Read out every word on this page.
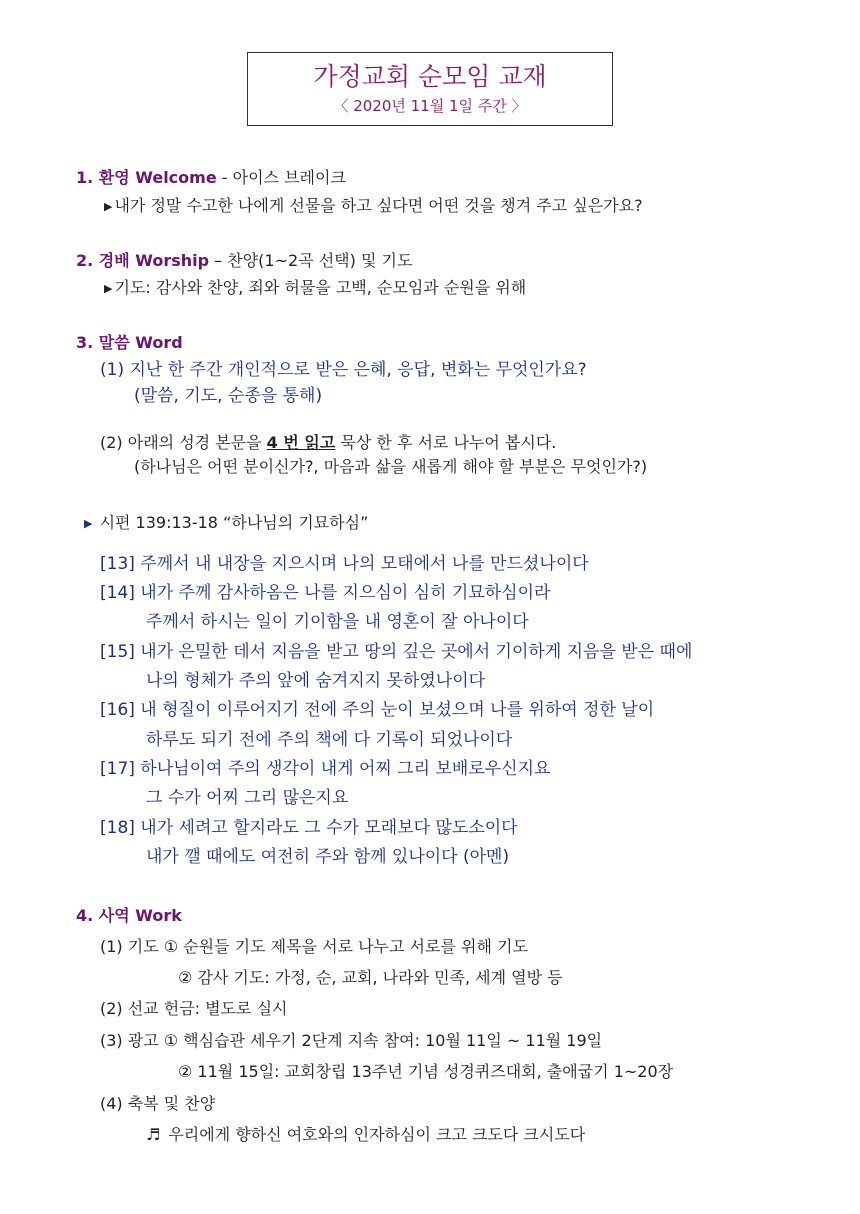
가정교회 순모임 교재
〈 2020년 11월 1일 주간 〉
1. 환영 Welcome - 아이스 브레이크
▶ 내가 정말 수고한 나에게 선물을 하고 싶다면 어떤 것을 챙겨 주고 싶은가요?
2. 경배 Worship – 찬양(1~2곡 선택) 및 기도
▶ 기도: 감사와 찬양, 죄와 허물을 고백, 순모임과 순원을 위해
3. 말씀 Word
(1) 지난 한 주간 개인적으로 받은 은혜, 응답, 변화는 무엇인가요?
(말씀, 기도, 순종을 통해)
(2) 아래의 성경 본문을 4 번 읽고 묵상 한 후 서로 나누어 봅시다.
(하나님은 어떤 분이신가?, 마음과 삶을 새롭게 해야 할 부분은 무엇인가?)
▶ 시편 139:13-18 “하나님의 기묘하심”
[13] 주께서 내 내장을 지으시며 나의 모태에서 나를 만드셨나이다
[14] 내가 주께 감사하옴은 나를 지으심이 심히 기묘하심이라
주께서 하시는 일이 기이함을 내 영혼이 잘 아나이다
[15] 내가 은밀한 데서 지음을 받고 땅의 깊은 곳에서 기이하게 지음을 받은 때에
나의 형체가 주의 앞에 숨겨지지 못하였나이다
[16] 내 형질이 이루어지기 전에 주의 눈이 보셨으며 나를 위하여 정한 날이
하루도 되기 전에 주의 책에 다 기록이 되었나이다
[17] 하나님이여 주의 생각이 내게 어찌 그리 보배로우신지요
그 수가 어찌 그리 많은지요
[18] 내가 세려고 할지라도 그 수가 모래보다 많도소이다
내가 깰 때에도 여전히 주와 함께 있나이다 (아멘)
4. 사역 Work
(1) 기도 ① 순원들 기도 제목을 서로 나누고 서로를 위해 기도
② 감사 기도: 가정, 순, 교회, 나라와 민족, 세계 열방 등
(2) 선교 헌금: 별도로 실시
(3) 광고 ① 핵심습관 세우기 2단계 지속 참여: 10월 11일 ~ 11월 19일
② 11월 15일: 교회창립 13주년 기념 성경퀴즈대회, 출애굽기 1~20장
(4) 축복 및 찬양
♬ 우리에게 향하신 여호와의 인자하심이 크고 크도다 크시도다
